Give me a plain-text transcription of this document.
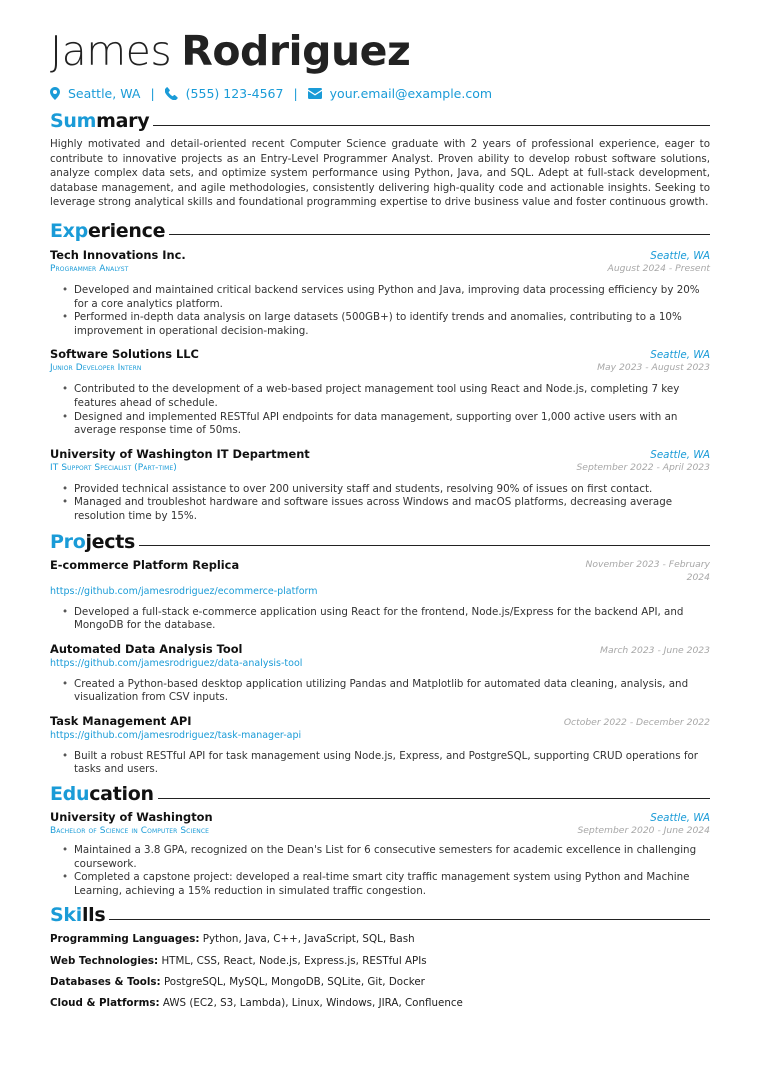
James Rodriguez
Seattle, WA | (555) 123-4567 |	your.email@example.com
Summary
Highly motivated and detail-oriented recent Computer Science graduate with 2 years of professional experience, eager to contribute to innovative projects as an Entry-Level Programmer Analyst. Proven ability to develop robust software solutions, analyze complex data sets, and optimize system performance using Python, Java, and SQL. Adept at full-stack development, database management, and agile methodologies, consistently delivering high-quality code and actionable insights. Seeking to leverage strong analytical skills and foundational programming expertise to drive business value and foster continuous growth.
Experience
Tech Innovations Inc.	Seattle, WA
Programmer Analyst	August 2024 - Present
• Developed and maintained critical backend services using Python and Java, improving data processing efficiency by 20% for a core analytics platform.
• Performed in-depth data analysis on large datasets (500GB+) to identify trends and anomalies, contributing to a 10% improvement in operational decision-making.
Software Solutions LLC	Seattle, WA
Junior Developer Intern	May 2023 - August 2023
• Contributed to the development of a web-based project management tool using React and Node.js, completing 7 key features ahead of schedule.
• Designed and implemented RESTful API endpoints for data management, supporting over 1,000 active users with an average response time of 50ms.
University of Washington IT Department	Seattle, WA
IT Support Specialist (Part-time)	September 2022 - April 2023
• Provided technical assistance to over 200 university staff and students, resolving 90% of issues on first contact.
• Managed and troubleshot hardware and software issues across Windows and macOS platforms, decreasing average resolution time by 15%.
Projects
E-commerce Platform Replica	November 2023 - February
2024
https://github.com/jamesrodriguez/ecommerce-platform
• Developed a full-stack e-commerce application using React for the frontend, Node.js/Express for the backend API, and MongoDB for the database.
Automated Data Analysis Tool	March 2023 - June 2023
https://github.com/jamesrodriguez/data-analysis-tool
• Created a Python-based desktop application utilizing Pandas and Matplotlib for automated data cleaning, analysis, and visualization from CSV inputs.
Task Management API	October 2022 - December 2022
https://github.com/jamesrodriguez/task-manager-api
• Built a robust RESTful API for task management using Node.js, Express, and PostgreSQL, supporting CRUD operations for tasks and users.
Education
University of Washington	Seattle, WA
Bachelor of Science in Computer Science	September 2020 - June 2024
• Maintained a 3.8 GPA, recognized on the Dean's List for 6 consecutive semesters for academic excellence in challenging coursework.
• Completed a capstone project: developed a real-time smart city traffic management system using Python and Machine Learning, achieving a 15% reduction in simulated traffic congestion.
Skills
Programming Languages: Python, Java, C++, JavaScript, SQL, Bash
Web Technologies: HTML, CSS, React, Node.js, Express.js, RESTful APIs
Databases & Tools: PostgreSQL, MySQL, MongoDB, SQLite, Git, Docker
Cloud & Platforms: AWS (EC2, S3, Lambda), Linux, Windows, JIRA, Confluence
